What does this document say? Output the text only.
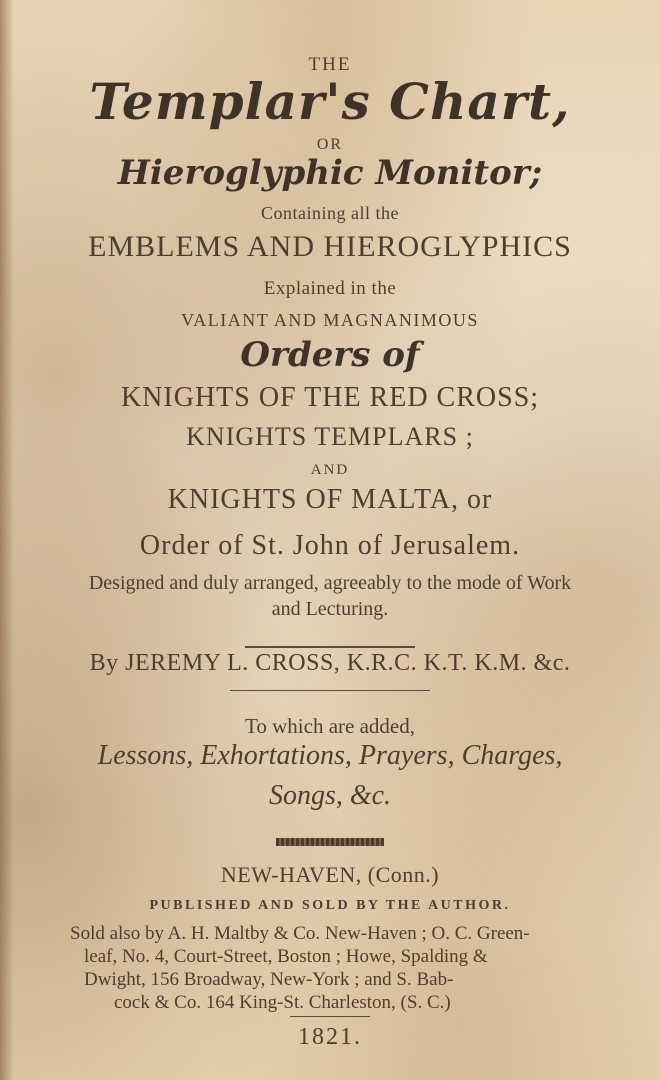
THE
Templar's Chart,
OR
Hieroglyphic Monitor;
Containing all the
EMBLEMS AND HIEROGLYPHICS
Explained in the
VALIANT AND MAGNANIMOUS
Orders of
KNIGHTS OF THE RED CROSS;
KNIGHTS TEMPLARS ;
AND
KNIGHTS OF MALTA, or
Order of St. John of Jerusalem.
Designed and duly arranged, agreeably to the mode of Work
and Lecturing.
By JEREMY L. CROSS, K.R.C. K.T. K.M. &c.
To which are added,
Lessons, Exhortations, Prayers, Charges,
Songs, &c.
NEW-HAVEN, (Conn.)
PUBLISHED AND SOLD BY THE AUTHOR.
Sold also by A. H. Maltby & Co. New-Haven ; O. C. Green-
leaf, No. 4, Court-Street, Boston ; Howe, Spalding &
Dwight, 156 Broadway, New-York ; and S. Bab-
cock & Co. 164 King-St. Charleston, (S. C.)
1821.
